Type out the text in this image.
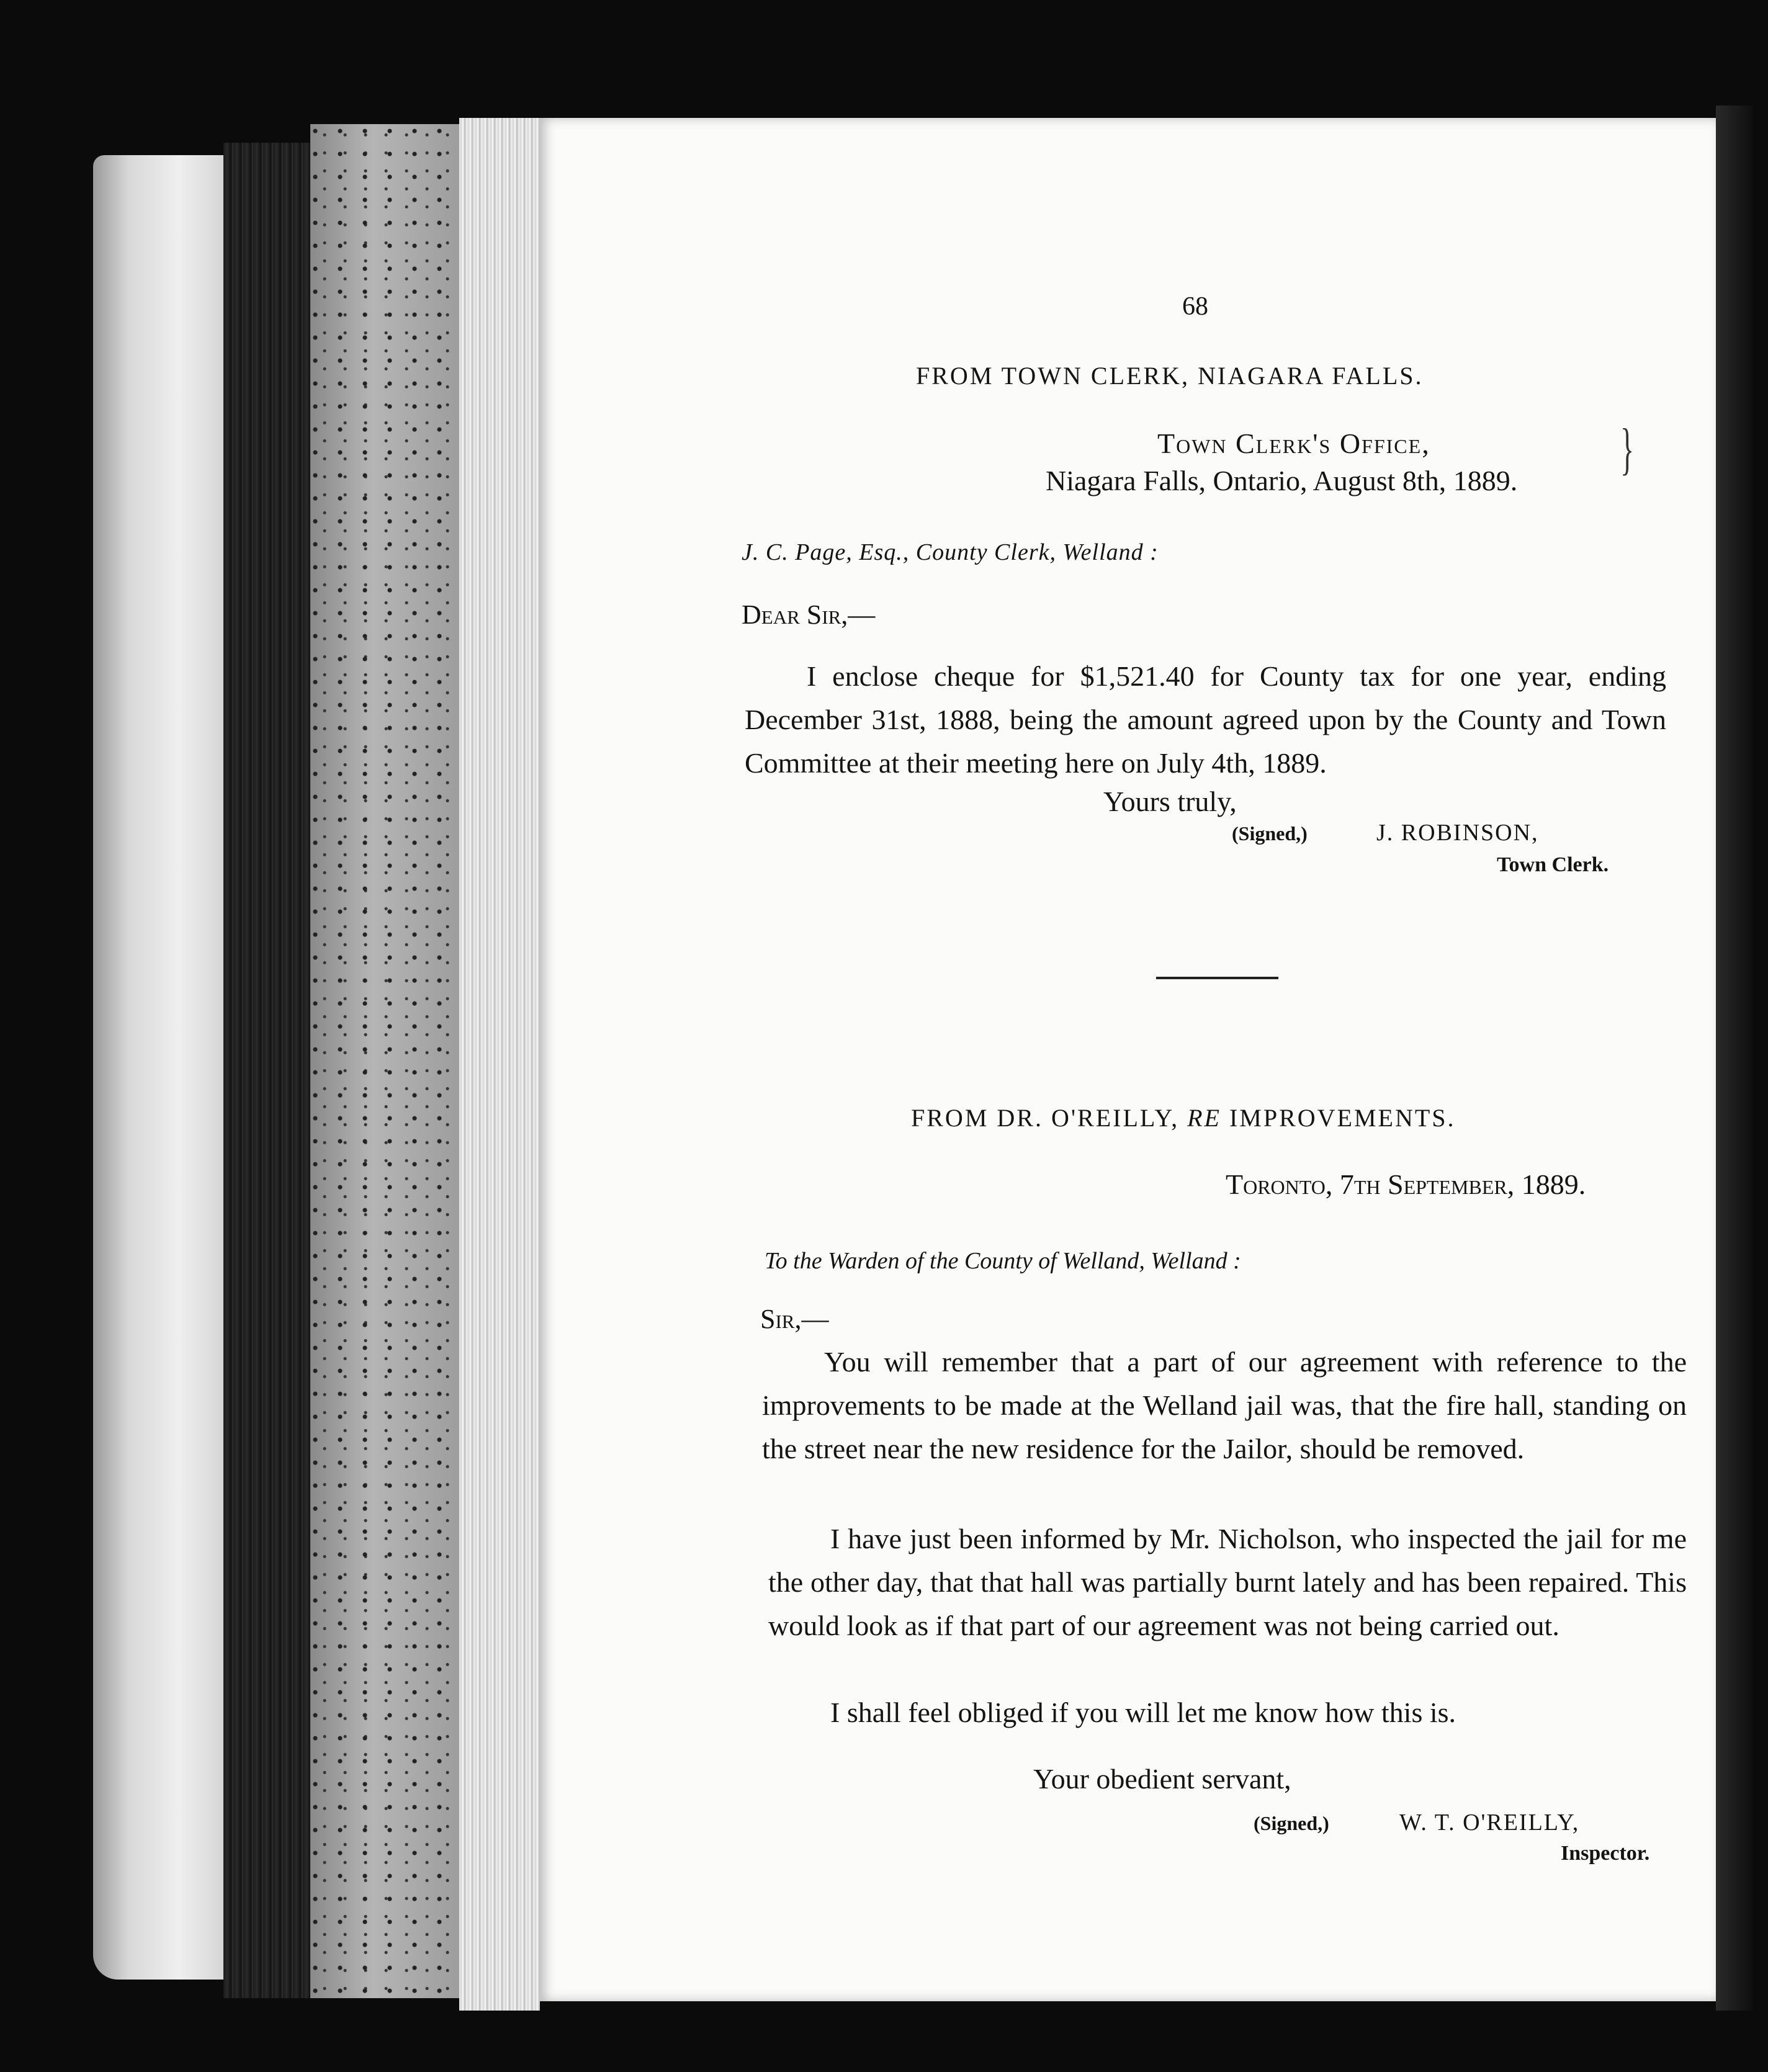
68
FROM TOWN CLERK, NIAGARA FALLS.
Town Clerk's Office,
Niagara Falls, Ontario, August 8th, 1889.
}
J. C. Page, Esq., County Clerk, Welland :
Dear Sir,—
I enclose cheque for $1,521.40 for County tax for one year, ending December 31st, 1888, being the amount agreed upon by the County and Town Committee at their meeting here on July 4th, 1889.
Yours truly,
(Signed,)	J. ROBINSON,
Town Clerk.
FROM DR. O'REILLY, RE IMPROVEMENTS.
Toronto, 7th September, 1889.
To the Warden of the County of Welland, Welland :
Sir,—
You will remember that a part of our agreement with reference to the improvements to be made at the Welland jail was, that the fire hall, standing on the street near the new residence for the Jailor, should be removed.
I have just been informed by Mr. Nicholson, who inspected the jail for me the other day, that that hall was partially burnt lately and has been repaired. This would look as if that part of our agreement was not being carried out.
I shall feel obliged if you will let me know how this is.
Your obedient servant,
(Signed,)	W. T. O'REILLY,
Inspector.
